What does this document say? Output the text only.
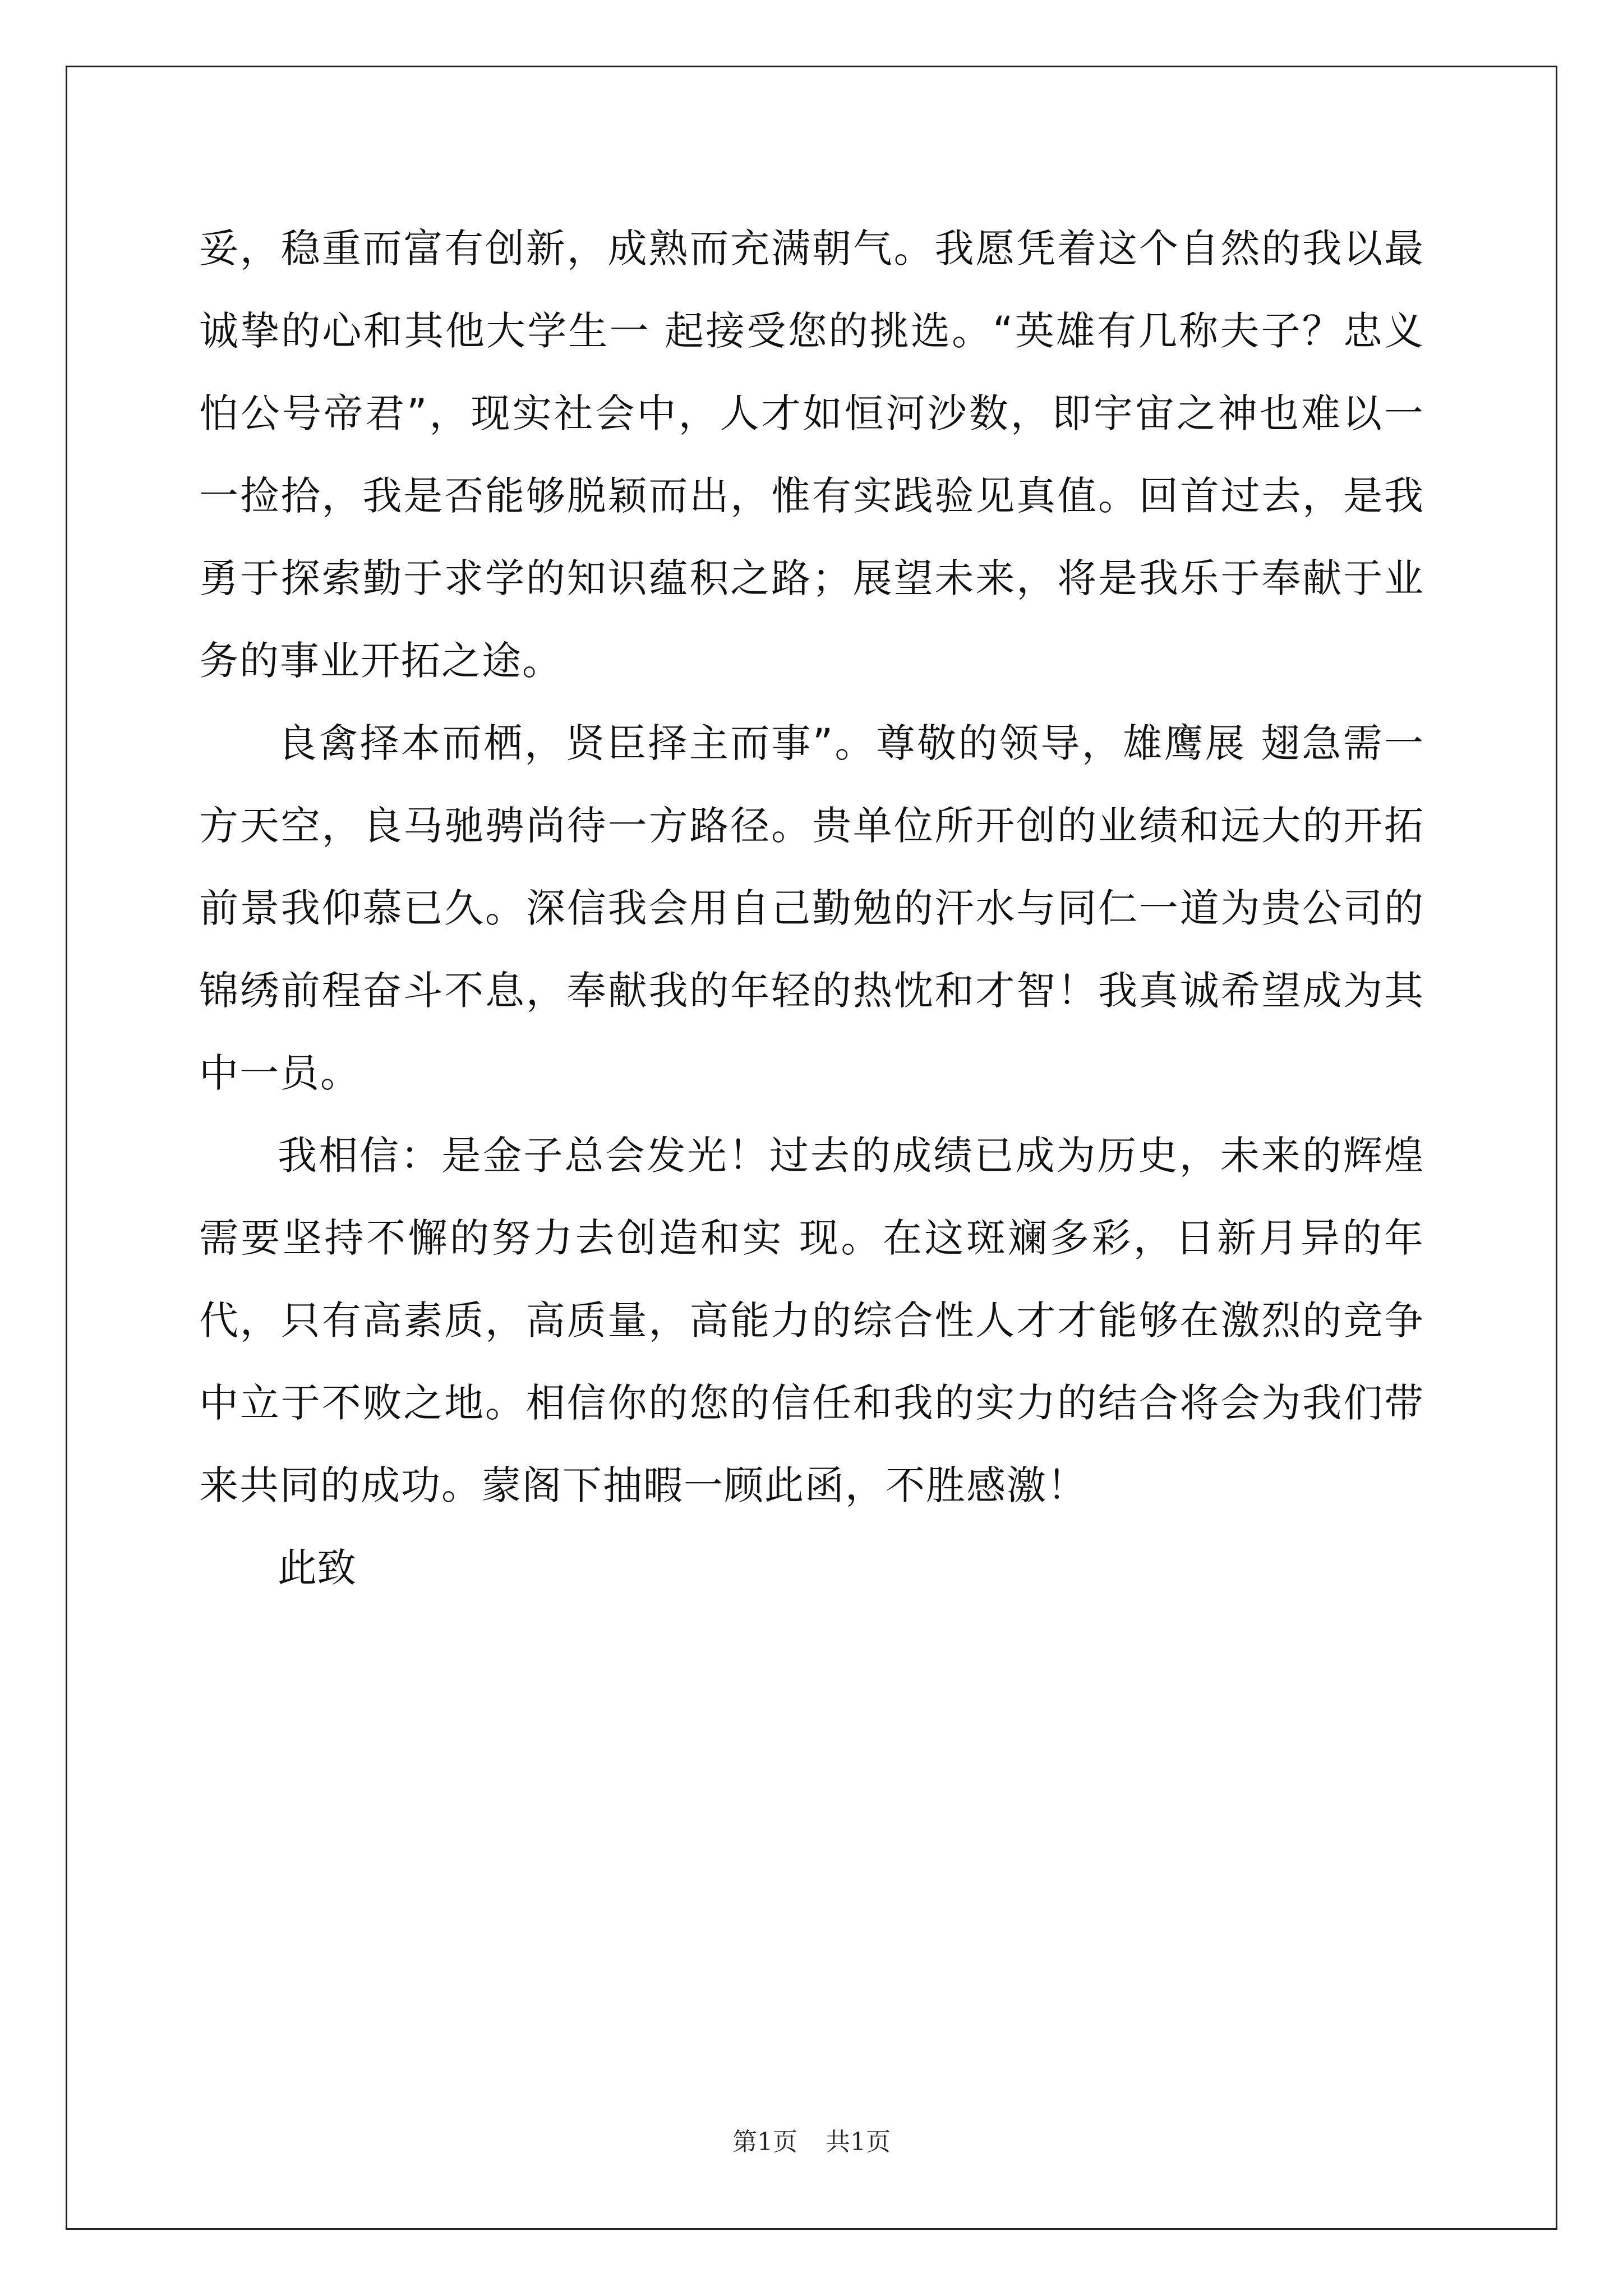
妥，稳重而富有创新，成熟而充满朝气。我愿凭着这个自然的我以最诚挚的心和其他大学生一 起接受您的挑选。“英雄有几称夫子？忠义怕公号帝君”，现实社会中，人才如恒河沙数，即宇宙之神也难以一一捡拾，我是否能够脱颖而出，惟有实践验见真值。回首过去，是我勇于探索勤于求学的知识蕴积之路；展望未来，将是我乐于奉献于业务的事业开拓之途。

良禽择本而栖，贤臣择主而事”。尊敬的领导，雄鹰展 翅急需一方天空，良马驰骋尚待一方路径。贵单位所开创的业绩和远大的开拓前景我仰慕已久。深信我会用自己勤勉的汗水与同仁一道为贵公司的锦绣前程奋斗不息，奉献我的年轻的热忱和才智！我真诚希望成为其中一员。

我相信：是金子总会发光！过去的成绩已成为历史，未来的辉煌需要坚持不懈的努力去创造和实 现。在这斑斓多彩，日新月异的年代，只有高素质，高质量，高能力的综合性人才才能够在激烈的竞争中立于不败之地。相信你的您的信任和我的实力的结合将会为我们带来共同的成功。蒙阁下抽暇一顾此函，不胜感激！

此致

第1页 共1页
